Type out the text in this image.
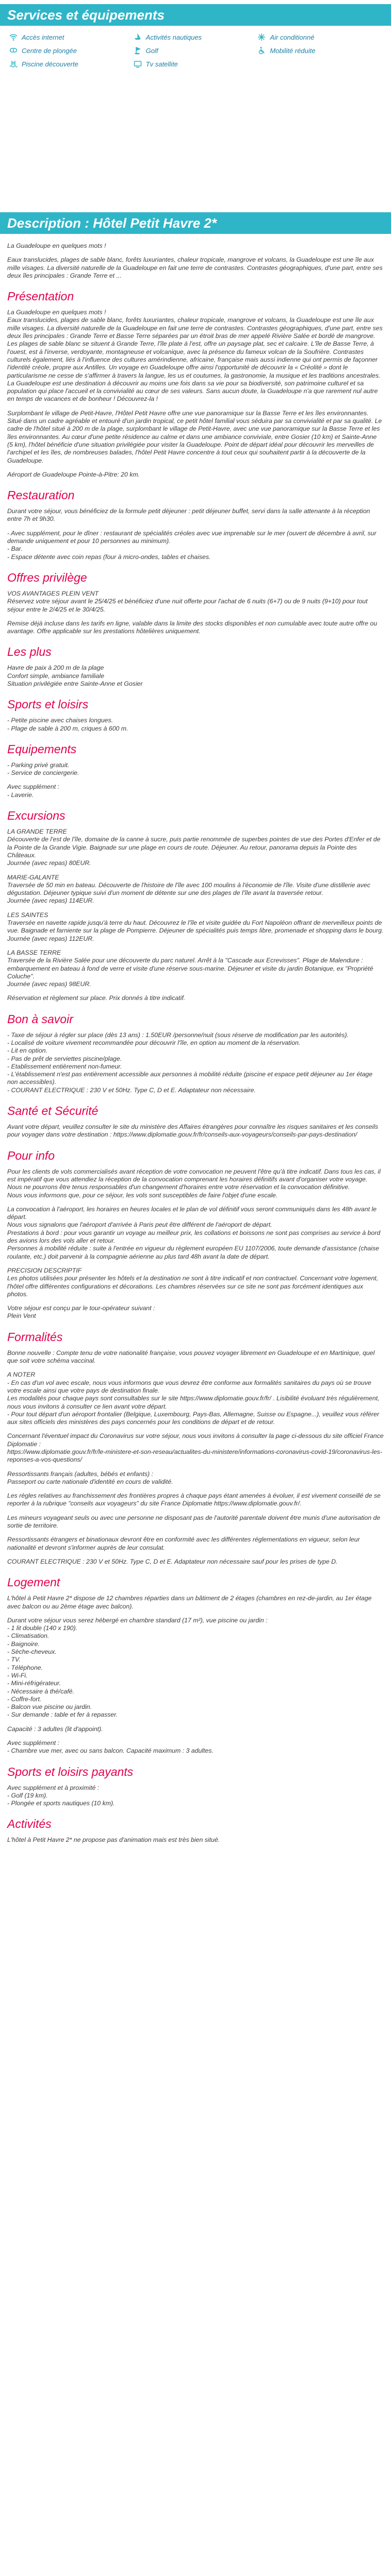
Services et équipements
Accès internet	Activités nautiques	Air conditionné
Centre de plongée	Golf	Mobilité réduite
Piscine découverte	Tv satellite
Description : Hôtel Petit Havre 2*

La Guadeloupe en quelques mots !

Eaux translucides, plages de sable blanc, forêts luxuriantes, chaleur tropicale, mangrove et volcans, la Guadeloupe est une île aux mille visages. La diversité naturelle de la Guadeloupe en fait une terre de contrastes. Contrastes géographiques, d'une part, entre ses deux îles principales : Grande Terre et ...

Présentation

La Guadeloupe en quelques mots !
Eaux translucides, plages de sable blanc, forêts luxuriantes, chaleur tropicale, mangrove et volcans, la Guadeloupe est une île aux mille visages. La diversité naturelle de la Guadeloupe en fait une terre de contrastes. Contrastes géographiques, d'une part, entre ses deux îles principales : Grande Terre et Basse Terre séparées par un étroit bras de mer appelé Rivière Salée et bordé de mangrove. Les plages de sable blanc se situent à Grande Terre, l'île plate à l'est, offre un paysage plat, sec et calcaire. L'île de Basse Terre, à l'ouest, est à l'inverse, verdoyante, montagneuse et volcanique, avec la présence du fameux volcan de la Soufrière. Contrastes culturels également, liés à l'influence des cultures amérindienne, africaine, française mais aussi indienne qui ont permis de façonner l'identité créole, propre aux Antilles. Un voyage en Guadeloupe offre ainsi l'opportunité de découvrir la « Créolité » dont le particularisme ne cesse de s'affirmer à travers la langue, les us et coutumes, la gastronomie, la musique et les traditions ancestrales. La Guadeloupe est une destination à découvrir au moins une fois dans sa vie pour sa biodiversité, son patrimoine culturel et sa population qui place l'accueil et la convivialité au cœur de ses valeurs. Sans aucun doute, la Guadeloupe n'a que rarement nul autre en temps de vacances et de bonheur ! Découvrez-la !

Surplombant le village de Petit-Havre, l'Hôtel Petit Havre offre une vue panoramique sur la Basse Terre et les îles environnantes. Situé dans un cadre agréable et entouré d'un jardin tropical, ce petit hôtel familial vous séduira par sa convivialité et par sa qualité. Le cadre de l'hôtel situé à 200 m de la plage, surplombant le village de Petit-Havre, avec une vue panoramique sur la Basse Terre et les îles environnantes. Au cœur d'une petite résidence au calme et dans une ambiance conviviale, entre Gosier (10 km) et Sainte-Anne (5 km), l'hôtel bénéficie d'une situation privilégiée pour visiter la Guadeloupe. Point de départ idéal pour découvrir les merveilles de l'archipel et les îles, de nombreuses balades, l'hôtel Petit Havre concentre à tout ceux qui souhaitent partir à la découverte de la Guadeloupe.

Aéroport de Guadeloupe Pointe-à-Pitre: 20 km.

Restauration

Durant votre séjour, vous bénéficiez de la formule petit déjeuner : petit déjeuner buffet, servi dans la salle attenante à la réception entre 7h et 9h30.

- Avec supplément, pour le dîner : restaurant de spécialités créoles avec vue imprenable sur le mer (ouvert de décembre à avril, sur demande uniquement et pour 10 personnes au minimum).
- Bar.
- Espace détente avec coin repas (four à micro-ondes, tables et chaises.

Offres privilège

VOS AVANTAGES PLEIN VENT
Réservez votre séjour avant le 25/4/25 et bénéficiez d'une nuit offerte pour l'achat de 6 nuits (6+7) ou de 9 nuits (9+10) pour tout séjour entre le 2/4/25 et le 30/4/25.

Remise déjà incluse dans les tarifs en ligne, valable dans la limite des stocks disponibles et non cumulable avec toute autre offre ou avantage. Offre applicable sur les prestations hôtelières uniquement.

Les plus

Havre de paix à 200 m de la plage
Confort simple, ambiance familiale
Situation privilégiée entre Sainte-Anne et Gosier

Sports et loisirs

- Petite piscine avec chaises longues.
- Plage de sable à 200 m, criques à 600 m.

Equipements

- Parking privé gratuit.
- Service de conciergerie.

Avec supplément :
- Laverie.

Excursions

LA GRANDE TERRE
Découverte de l'est de l'île, domaine de la canne à sucre, puis partie renommée de superbes pointes de vue des Portes d'Enfer et de la Pointe de la Grande Vigie. Baignade sur une plage en cours de route. Déjeuner. Au retour, panorama depuis la Pointe des Châteaux.
Journée (avec repas) 80EUR.

MARIE-GALANTE
Traversée de 50 min en bateau. Découverte de l'histoire de l'île avec 100 moulins à l'économie de l'île. Visite d'une distillerie avec dégustation. Déjeuner typique suivi d'un moment de détente sur une des plages de l'île avant la traversée retour.
Journée (avec repas) 114EUR.

LES SAINTES
Traversée en navette rapide jusqu'à terre du haut. Découvrez le l'île et visite guidée du Fort Napoléon offrant de merveilleux points de vue. Baignade et farniente sur la plage de Pompierre. Déjeuner de spécialités puis temps libre, promenade et shopping dans le bourg.
Journée (avec repas) 112EUR.

LA BASSE TERRE
Traversée de la Rivière Salée pour une découverte du parc naturel. Arrêt à la "Cascade aux Ecrevisses". Plage de Malendure : embarquement en bateau à fond de verre et visite d'une réserve sous-marine. Déjeuner et visite du jardin Botanique, ex "Propriété Coluche".
Journée (avec repas) 98EUR.

Réservation et règlement sur place. Prix donnés à titre indicatif.

Bon à savoir

- Taxe de séjour à régler sur place (dès 13 ans) : 1.50EUR /personne/nuit (sous réserve de modification par les autorités).
- Localisé de voiture vivement recommandée pour découvrir l'île, en option au moment de la réservation.
- Lit en option.
- Pas de prêt de serviettes piscine/plage.
- Etablissement entièrement non-fumeur.
- L'établissement n'est pas entièrement accessible aux personnes à mobilité réduite (piscine et espace petit déjeuner au 1er étage non accessibles).
- COURANT ELECTRIQUE : 230 V et 50Hz. Type C, D et E. Adaptateur non nécessaire.

Santé et Sécurité

Avant votre départ, veuillez consulter le site du ministère des Affaires étrangères pour connaître les risques sanitaires et les conseils pour voyager dans votre destination : https://www.diplomatie.gouv.fr/fr/conseils-aux-voyageurs/conseils-par-pays-destination/

Pour info

Pour les clients de vols commercialisés avant réception de votre convocation ne peuvent l'être qu'à titre indicatif. Dans tous les cas, il est impératif que vous attendiez la réception de la convocation comprenant les horaires définitifs avant d'organiser votre voyage.
Nous ne pourrons être tenus responsables d'un changement d'horaires entre votre réservation et la convocation définitive.
Nous vous informons que, pour ce séjour, les vols sont susceptibles de faire l'objet d'une escale.

La convocation à l'aéroport, les horaires en heures locales et le plan de vol définitif vous seront communiqués dans les 48h avant le départ.
Nous vous signalons que l'aéroport d'arrivée à Paris peut être différent de l'aéroport de départ.
Prestations à bord : pour vous garantir un voyage au meilleur prix, les collations et boissons ne sont pas comprises au service à bord des avions lors des vols aller et retour.
Personnes à mobilité réduite : suite à l'entrée en vigueur du règlement européen EU 1107/2006, toute demande d'assistance (chaise roulante, etc.) doit parvenir à la compagnie aérienne au plus tard 48h avant la date de départ.

PRECISION DESCRIPTIF
Les photos utilisées pour présenter les hôtels et la destination ne sont à titre indicatif et non contractuel. Concernant votre logement, l'hôtel offre différentes configurations et décorations. Les chambres réservées sur ce site ne sont pas forcément identiques aux photos.

Votre séjour est conçu par le tour-opérateur suivant :
Plein Vent

Formalités

Bonne nouvelle : Compte tenu de votre nationalité française, vous pouvez voyager librement en Guadeloupe et en Martinique, quel que soit votre schéma vaccinal.

A NOTER
- En cas d'un vol avec escale, nous vous informons que vous devrez être conforme aux formalités sanitaires du pays où se trouve votre escale ainsi que votre pays de destination finale.
Les modalités pour chaque pays sont consultables sur le site https://www.diplomatie.gouv.fr/fr/ . Lisibilité évoluant très régulièrement, nous vous invitons à consulter ce lien avant votre départ.
- Pour tout départ d'un aéroport frontalier (Belgique, Luxembourg, Pays-Bas, Allemagne, Suisse ou Espagne...), veuillez vous référer aux sites officiels des ministères des pays concernés pour les conditions de départ et de retour.

Concernant l'éventuel impact du Coronavirus sur votre séjour, nous vous invitons à consulter la page ci-dessous du site officiel France Diplomatie :
https://www.diplomatie.gouv.fr/fr/le-ministere-et-son-reseau/actualites-du-ministere/informations-coronavirus-covid-19/coronavirus-les-reponses-a-vos-questions/

Ressortissants français (adultes, bébés et enfants) :
Passeport ou carte nationale d'identité en cours de validité.

Les règles relatives au franchissement des frontières propres à chaque pays étant amenées à évoluer, il est vivement conseillé de se reporter à la rubrique "conseils aux voyageurs" du site France Diplomatie https://www.diplomatie.gouv.fr/.

Les mineurs voyageant seuls ou avec une personne ne disposant pas de l'autorité parentale doivent être munis d'une autorisation de sortie de territoire.

Ressortissants étrangers et binationaux devront être en conformité avec les différentes réglementations en vigueur, selon leur nationalité et devront s'informer auprès de leur consulat.

COURANT ELECTRIQUE : 230 V et 50Hz. Type C, D et E. Adaptateur non nécessaire sauf pour les prises de type D.

Logement

L'hôtel à Petit Havre 2* dispose de 12 chambres réparties dans un bâtiment de 2 étages (chambres en rez-de-jardin, au 1er étage avec balcon ou au 2ème étage avec balcon).

Durant votre séjour vous serez hébergé en chambre standard (17 m²), vue piscine ou jardin :
- 1 lit double (140 x 190).
- Climatisation.
- Baignoire.
- Sèche-cheveux.
- TV.
- Téléphone.
- Wi-Fi.
- Mini-réfrigérateur.
- Nécessaire à thé/café.
- Coffre-fort.
- Balcon vue piscine ou jardin.
- Sur demande : table et fer à repasser.

Capacité : 3 adultes (lit d'appoint).

Avec supplément :
- Chambre vue mer, avec ou sans balcon. Capacité maximum : 3 adultes.

Sports et loisirs payants

Avec supplément et à proximité :
- Golf (19 km).
- Plongée et sports nautiques (10 km).

Activités

L'hôtel à Petit Havre 2* ne propose pas d'animation mais est très bien situé.
